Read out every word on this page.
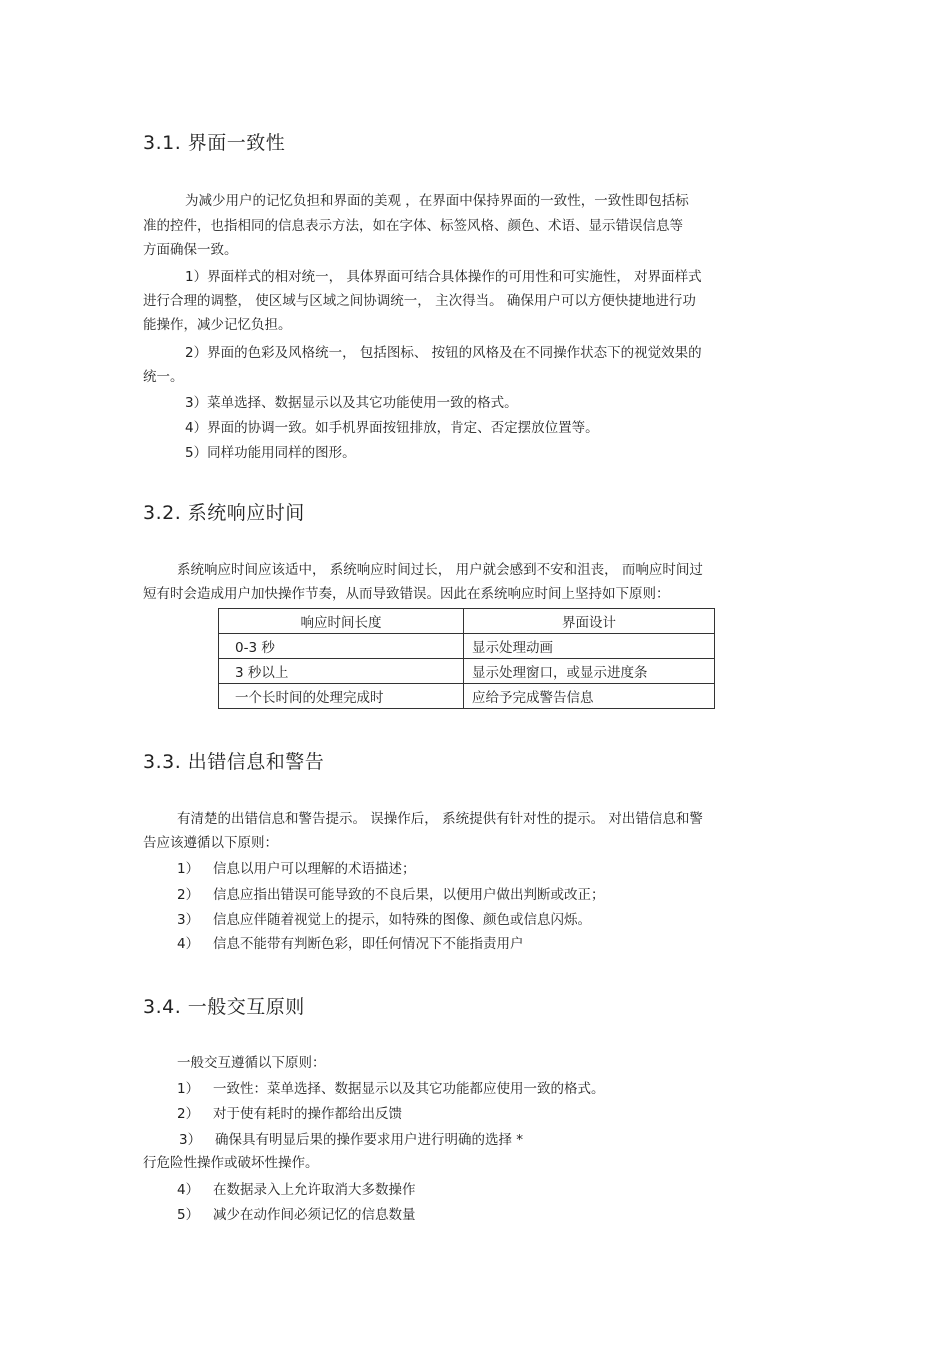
3.1. 界面一致性
为减少用户的记忆负担和界面的美观 ，在界面中保持界面的一致性，一致性即包括标
准的控件，也指相同的信息表示方法，如在字体、标签风格、颜色、术语、显示错误信息等
方面确保一致。
1）界面样式的相对统一， 具体界面可结合具体操作的可用性和可实施性， 对界面样式
进行合理的调整， 使区域与区域之间协调统一， 主次得当。 确保用户可以方便快捷地进行功
能操作，减少记忆负担。
2）界面的色彩及风格统一， 包括图标、 按钮的风格及在不同操作状态下的视觉效果的
统一。
3）菜单选择、数据显示以及其它功能使用一致的格式。
4）界面的协调一致。如手机界面按钮排放，肯定、否定摆放位置等。
5）同样功能用同样的图形。
3.2. 系统响应时间
系统响应时间应该适中， 系统响应时间过长， 用户就会感到不安和沮丧， 而响应时间过
短有时会造成用户加快操作节奏，从而导致错误。因此在系统响应时间上坚持如下原则：
响应时间长度	界面设计
0-3 秒	显示处理动画
3 秒以上	显示处理窗口，或显示进度条
一个长时间的处理完成时	应给予完成警告信息
3.3. 出错信息和警告
有清楚的出错信息和警告提示。 误操作后， 系统提供有针对性的提示。 对出错信息和警
告应该遵循以下原则：
1） 信息以用户可以理解的术语描述；
2） 信息应指出错误可能导致的不良后果，以便用户做出判断或改正；
3） 信息应伴随着视觉上的提示，如特殊的图像、颜色或信息闪烁。
4） 信息不能带有判断色彩，即任何情况下不能指责用户
3.4. 一般交互原则
一般交互遵循以下原则：
1） 一致性：菜单选择、数据显示以及其它功能都应使用一致的格式。
2） 对于使有耗时的操作都给出反馈
3） 确保具有明显后果的操作要求用户进行明确的选择 *
行危险性操作或破坏性操作。
4） 在数据录入上允许取消大多数操作
5） 减少在动作间必须记忆的信息数量
